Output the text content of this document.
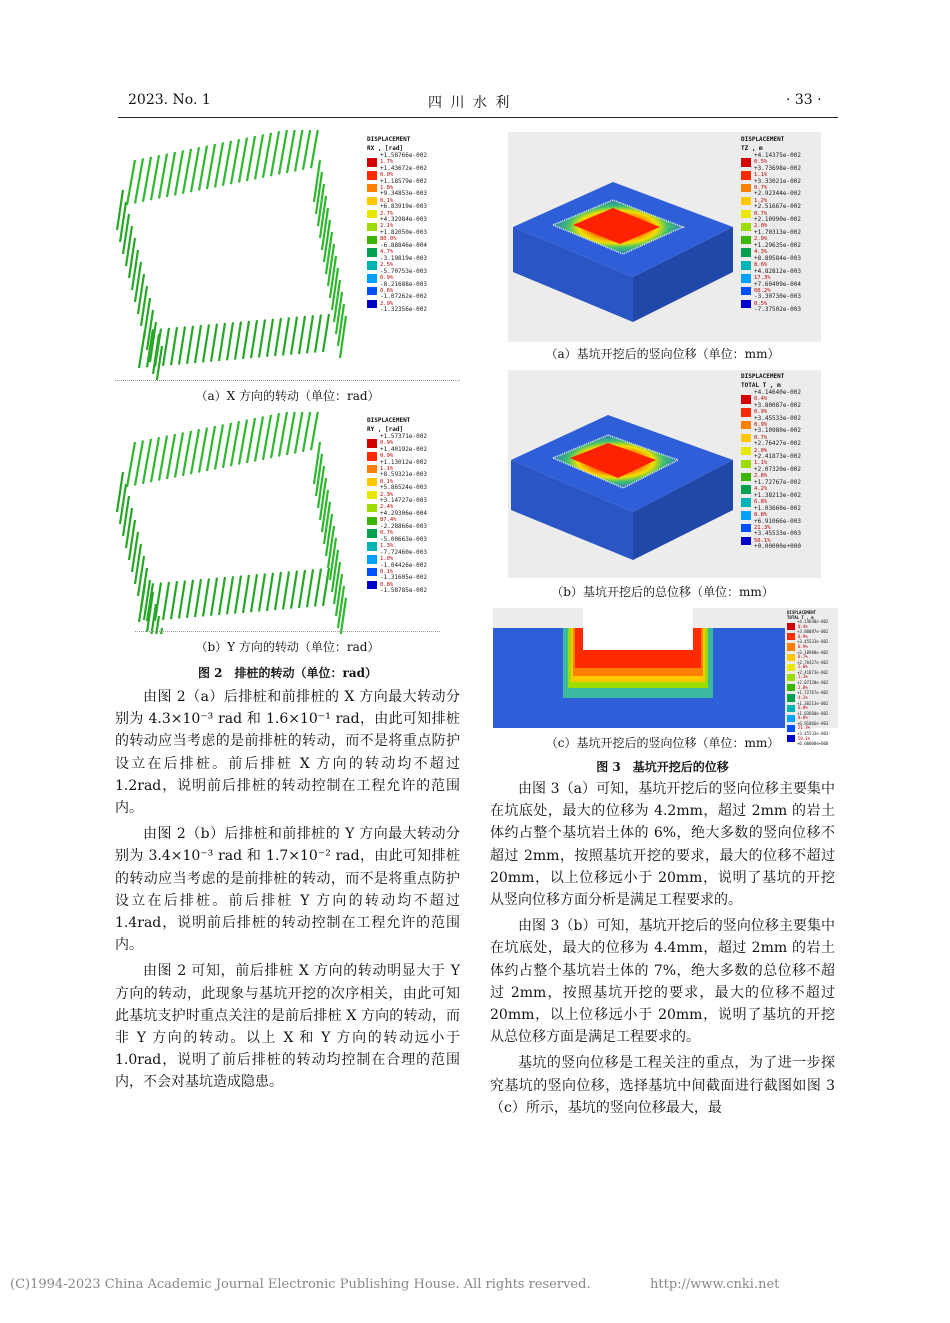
2023. No. 1	四 川 水 利	· 33 ·
DISPLACEMENT
RX , [rad]
+1.58766e-002
1.7%
+1.43672e-002
0.0%
+1.18579e-002
1.8%
+9.34853e-003
0.1%
+6.83919e-003
2.7%
+4.32984e-003
2.1%
+1.82050e-003
80.0%
-6.88846e-004
4.7%
-3.19819e-003
2.5%
-5.70753e-003
0.9%
-8.21688e-003
0.6%
-1.07262e-002
2.9%
-1.32356e-002
（a）X 方向的转动（单位：rad）
DISPLACEMENT
RY , [rad]
+1.57371e-002
0.9%
+1.40192e-002
0.9%
+1.13012e-002
1.1%
+8.59321e-003
0.1%
+5.86524e-003
2.9%
+3.14727e-003
2.4%
+4.29306e-004
87.4%
-2.28866e-003
0.7%
-5.00663e-003
1.3%
-7.72460e-003
1.0%
-1.04426e-002
0.1%
-1.31605e-002
0.8%
-1.58785e-002
（b）Y 方向的转动（单位：rad）
图 2　排桩的转动（单位：rad）

由图 2（a）后排桩和前排桩的 X 方向最大转动分别为 4.3×10⁻³ rad 和 1.6×10⁻¹ rad，由此可知排桩的转动应当考虑的是前排桩的转动，而不是将重点防护设立在后排桩。前后排桩 X 方向的转动均不超过 1.2rad，说明前后排桩的转动控制在工程允许的范围内。

由图 2（b）后排桩和前排桩的 Y 方向最大转动分别为 3.4×10⁻³ rad 和 1.7×10⁻² rad，由此可知排桩的转动应当考虑的是前排桩的转动，而不是将重点防护设立在后排桩。前后排桩 Y 方向的转动均不超过 1.4rad，说明前后排桩的转动控制在工程允许的范围内。

由图 2 可知，前后排桩 X 方向的转动明显大于 Y 方向的转动，此现象与基坑开挖的次序相关，由此可知此基坑支护时重点关注的是前后排桩 X 方向的转动，而非 Y 方向的转动。以上 X 和 Y 方向的转动远小于 1.0rad，说明了前后排桩的转动均控制在合理的范围内，不会对基坑造成隐患。

DISPLACEMENT
TZ , m
+4.14375e-002
0.5%
+3.73698e-002
1.1%
+3.33021e-002
0.7%
+2.92344e-002
1.2%
+2.51667e-002
0.7%
+2.10990e-002
2.0%
+1.70313e-002
2.9%
+1.29635e-002
4.3%
+8.89584e-003
8.6%
+4.82812e-003
17.3%
+7.60409e-004
60.2%
-3.30730e-003
0.5%
-7.37502e-003
（a）基坑开挖后的竖向位移（单位：mm）
DISPLACEMENT
TOTAL T , m
+4.14640e-002
0.4%
+3.80087e-002
0.9%
+3.45533e-002
0.9%
+3.10980e-002
0.7%
+2.76427e-002
2.0%
+2.41873e-002
1.1%
+2.07320e-002
2.8%
+1.72767e-002
4.2%
+1.38213e-002
6.8%
+1.03660e-002
8.8%
+6.91066e-003
21.3%
+3.45533e-003
50.1%
+0.00000e+000
（b）基坑开挖后的总位移（单位：mm）
DISPLACEMENT
TOTAL T , m
+4.14640e-002
0.4%
+3.80087e-002
0.9%
+3.45533e-002
0.9%
+3.10980e-002
0.7%
+2.76427e-002
2.0%
+2.41873e-002
1.1%
+2.07320e-002
2.8%
+1.72767e-002
4.2%
+1.38213e-002
6.8%
+1.03660e-002
8.8%
+6.91066e-003
21.3%
+3.45533e-003
50.1%
+0.00000e+000
（c）基坑开挖后的竖向位移（单位：mm）
图 3　基坑开挖后的位移

由图 3（a）可知，基坑开挖后的竖向位移主要集中在坑底处，最大的位移为 4.2mm，超过 2mm 的岩土体约占整个基坑岩土体的 6%，绝大多数的竖向位移不超过 2mm，按照基坑开挖的要求，最大的位移不超过 20mm，以上位移远小于 20mm，说明了基坑的开挖从竖向位移方面分析是满足工程要求的。

由图 3（b）可知，基坑开挖后的竖向位移主要集中在坑底处，最大的位移为 4.4mm，超过 2mm 的岩土体约占整个基坑岩土体的 7%，绝大多数的总位移不超过 2mm，按照基坑开挖的要求，最大的位移不超过 20mm，以上位移远小于 20mm，说明了基坑的开挖从总位移方面是满足工程要求的。

基坑的竖向位移是工程关注的重点，为了进一步探究基坑的竖向位移，选择基坑中间截面进行截图如图 3（c）所示，基坑的竖向位移最大，最

(C)1994-2023 China Academic Journal Electronic Publishing House. All rights reserved.	http://www.cnki.net
